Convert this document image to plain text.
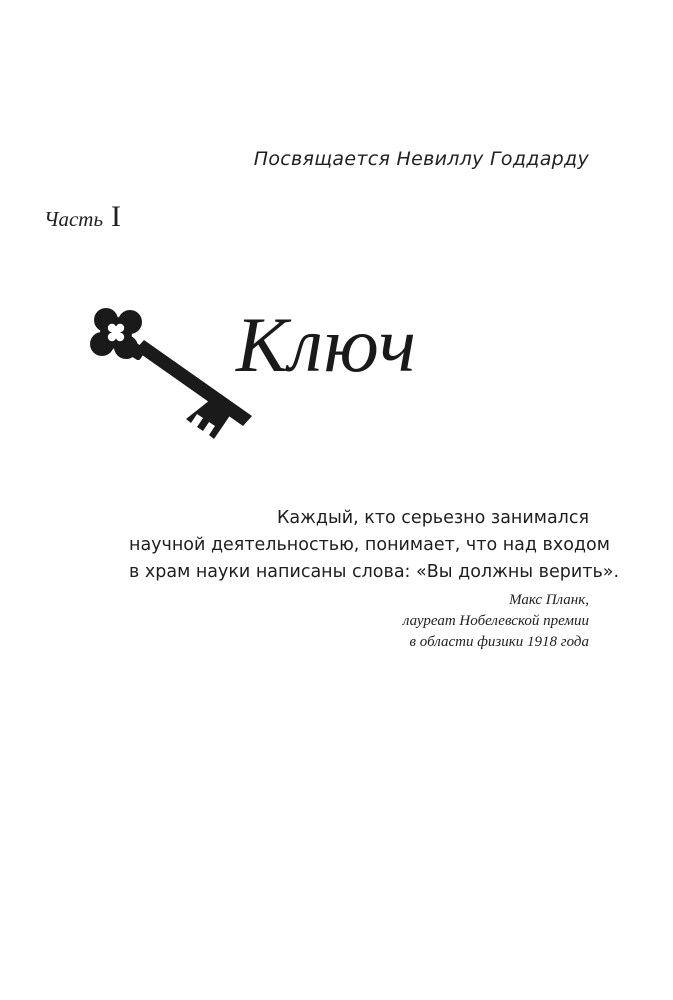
Посвящается Невиллу Годдарду
Часть I
Ключ
Каждый, кто серьезно занимался
научной деятельностью, понимает, что над входом
в храм науки написаны слова: «Вы должны верить».
Макс Планк,
лауреат Нобелевской премии
в области физики 1918 года
